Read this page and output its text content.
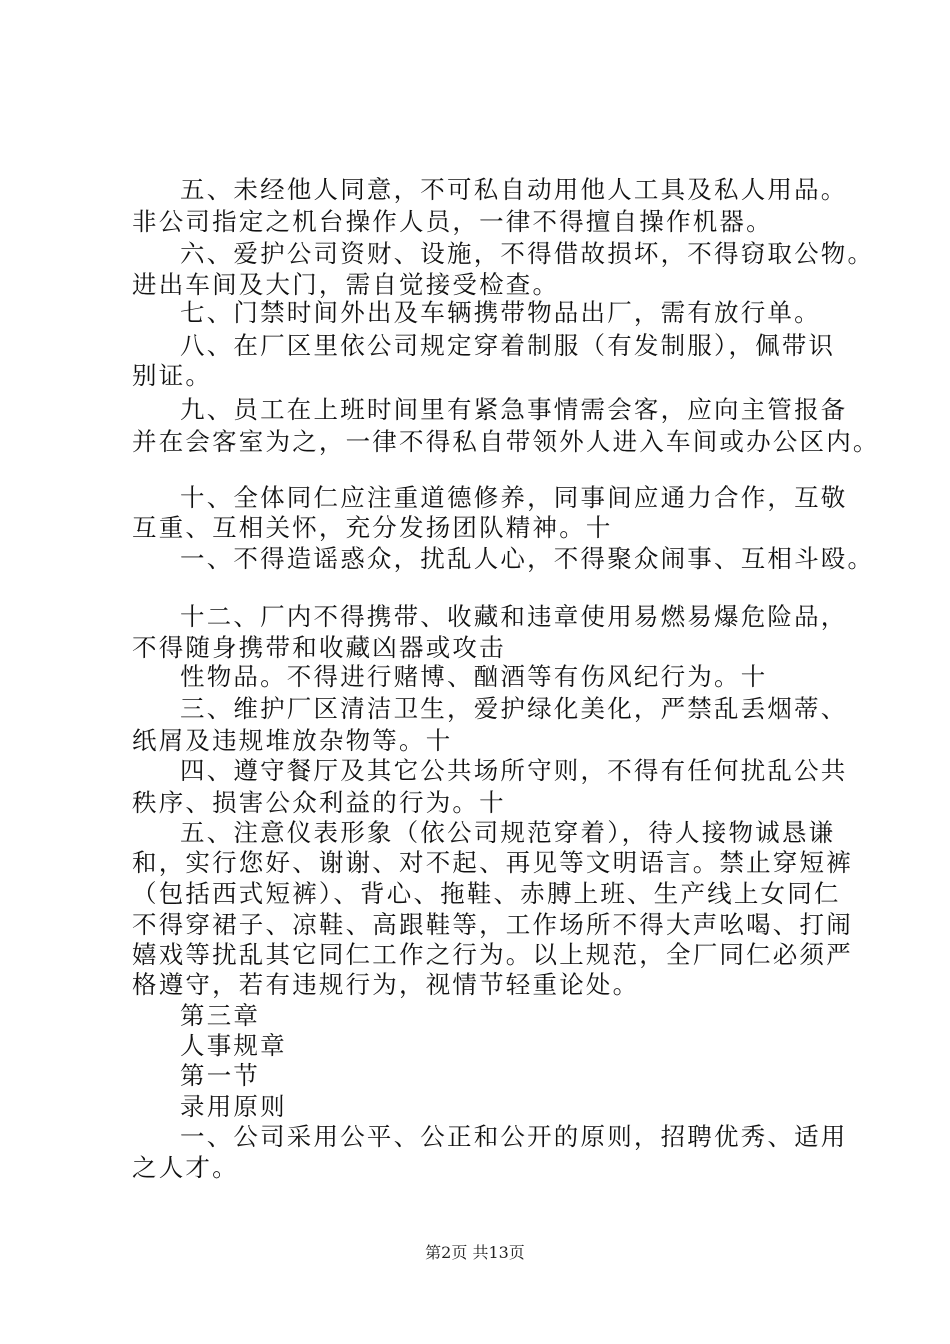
五、未经他人同意，不可私自动用他人工具及私人用品。
非公司指定之机台操作人员，一律不得擅自操作机器。
六、爱护公司资财、设施，不得借故损坏，不得窃取公物。
进出车间及大门，需自觉接受检查。
七、门禁时间外出及车辆携带物品出厂，需有放行单。
八、在厂区里依公司规定穿着制服（有发制服），佩带识
别证。
九、员工在上班时间里有紧急事情需会客，应向主管报备
并在会客室为之，一律不得私自带领外人进入车间或办公区内。
十、全体同仁应注重道德修养，同事间应通力合作，互敬
互重、互相关怀，充分发扬团队精神。十
一、不得造谣惑众，扰乱人心，不得聚众闹事、互相斗殴。
十二、厂内不得携带、收藏和违章使用易燃易爆危险品，
不得随身携带和收藏凶器或攻击
性物品。不得进行赌博、酗酒等有伤风纪行为。十
三、维护厂区清洁卫生，爱护绿化美化，严禁乱丢烟蒂、
纸屑及违规堆放杂物等。十
四、遵守餐厅及其它公共场所守则，不得有任何扰乱公共
秩序、损害公众利益的行为。十
五、注意仪表形象（依公司规范穿着），待人接物诚恳谦
和，实行您好、谢谢、对不起、再见等文明语言。禁止穿短裤
（包括西式短裤）、背心、拖鞋、赤膊上班、生产线上女同仁
不得穿裙子、凉鞋、高跟鞋等，工作场所不得大声吆喝、打闹
嬉戏等扰乱其它同仁工作之行为。以上规范，全厂同仁必须严
格遵守，若有违规行为，视情节轻重论处。
第三章
人事规章
第一节
录用原则
一、公司采用公平、公正和公开的原则，招聘优秀、适用
之人才。
第2页 共13页
